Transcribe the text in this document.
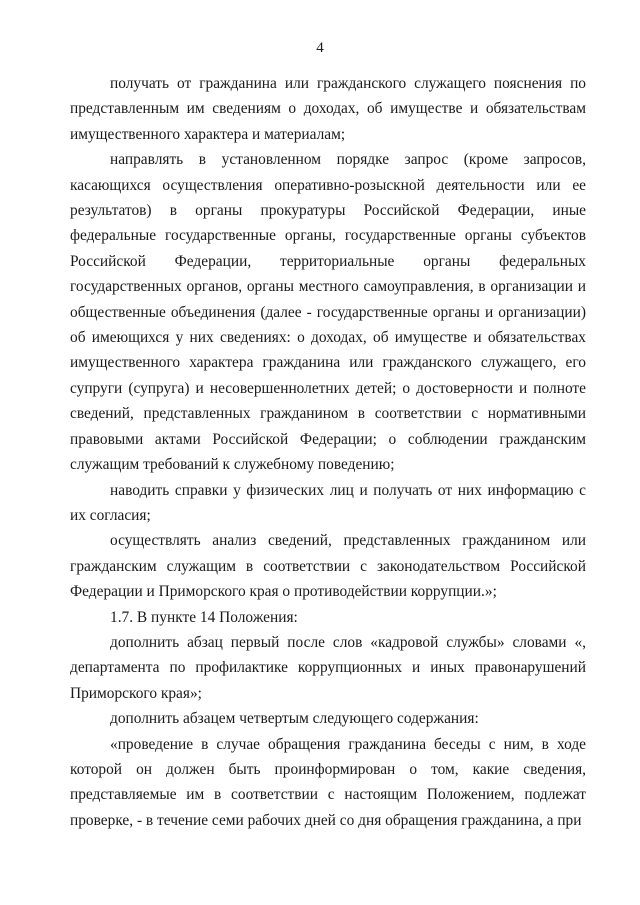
4

получать от гражданина или гражданского служащего пояснения по представленным им сведениям о доходах, об имуществе и обязательствам имущественного характера и материалам;

направлять в установленном порядке запрос (кроме запросов, касающихся осуществления оперативно-розыскной деятельности или ее результатов) в органы прокуратуры Российской Федерации, иные федеральные государственные органы, государственные органы субъектов Российской Федерации, территориальные органы федеральных государственных органов, органы местного самоуправления, в организации и общественные объединения (далее - государственные органы и организации) об имеющихся у них сведениях: о доходах, об имуществе и обязательствах имущественного характера гражданина или гражданского служащего, его супруги (супруга) и несовершеннолетних детей; о достоверности и полноте сведений, представленных гражданином в соответствии с нормативными правовыми актами Российской Федерации; о соблюдении гражданским служащим требований к служебному поведению;

наводить справки у физических лиц и получать от них информацию с их согласия;

осуществлять анализ сведений, представленных гражданином или гражданским служащим в соответствии с законодательством Российской Федерации и Приморского края о противодействии коррупции.»;

1.7. В пункте 14 Положения:

дополнить абзац первый после слов «кадровой службы» словами «, департамента по профилактике коррупционных и иных правонарушений Приморского края»;

дополнить абзацем четвертым следующего содержания:

«проведение в случае обращения гражданина беседы с ним, в ходе которой он должен быть проинформирован о том, какие сведения, представляемые им в соответствии с настоящим Положением, подлежат проверке, - в течение семи рабочих дней со дня обращения гражданина, а при
